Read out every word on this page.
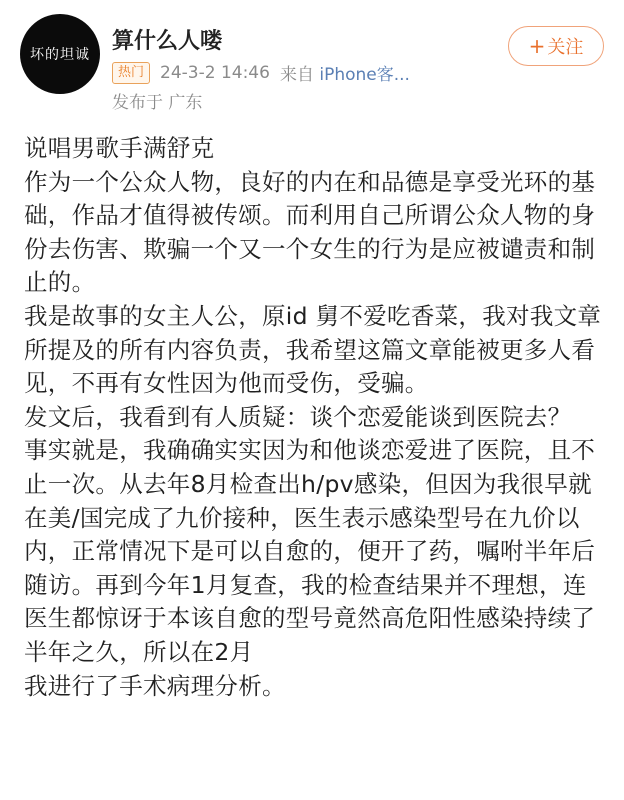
坏的坦诚
算什么人喽
热门 24-3-2 14:46 来自 iPhone客...
发布于 广东
+ 关注

说唱男歌手满舒克

作为一个公众人物，良好的内在和品德是享受光环的基础，作品才值得被传颂。而利用自己所谓公众人物的身份去伤害、欺骗一个又一个女生的行为是应被谴责和制止的。

我是故事的女主人公，原id 舅不爱吃香菜，我对我文章所提及的所有内容负责，我希望这篇文章能被更多人看见，不再有女性因为他而受伤，受骗。

发文后，我看到有人质疑：谈个恋爱能谈到医院去？

事实就是，我确确实实因为和他谈恋爱进了医院，且不止一次。从去年8月检查出h/pv感染，但因为我很早就在美/国完成了九价接种，医生表示感染型号在九价以内，正常情况下是可以自愈的，便开了药，嘱咐半年后随访。再到今年1月复查，我的检查结果并不理想，连医生都惊讶于本该自愈的型号竟然高危阳性感染持续了半年之久，所以在2月

我进行了手术病理分析。
